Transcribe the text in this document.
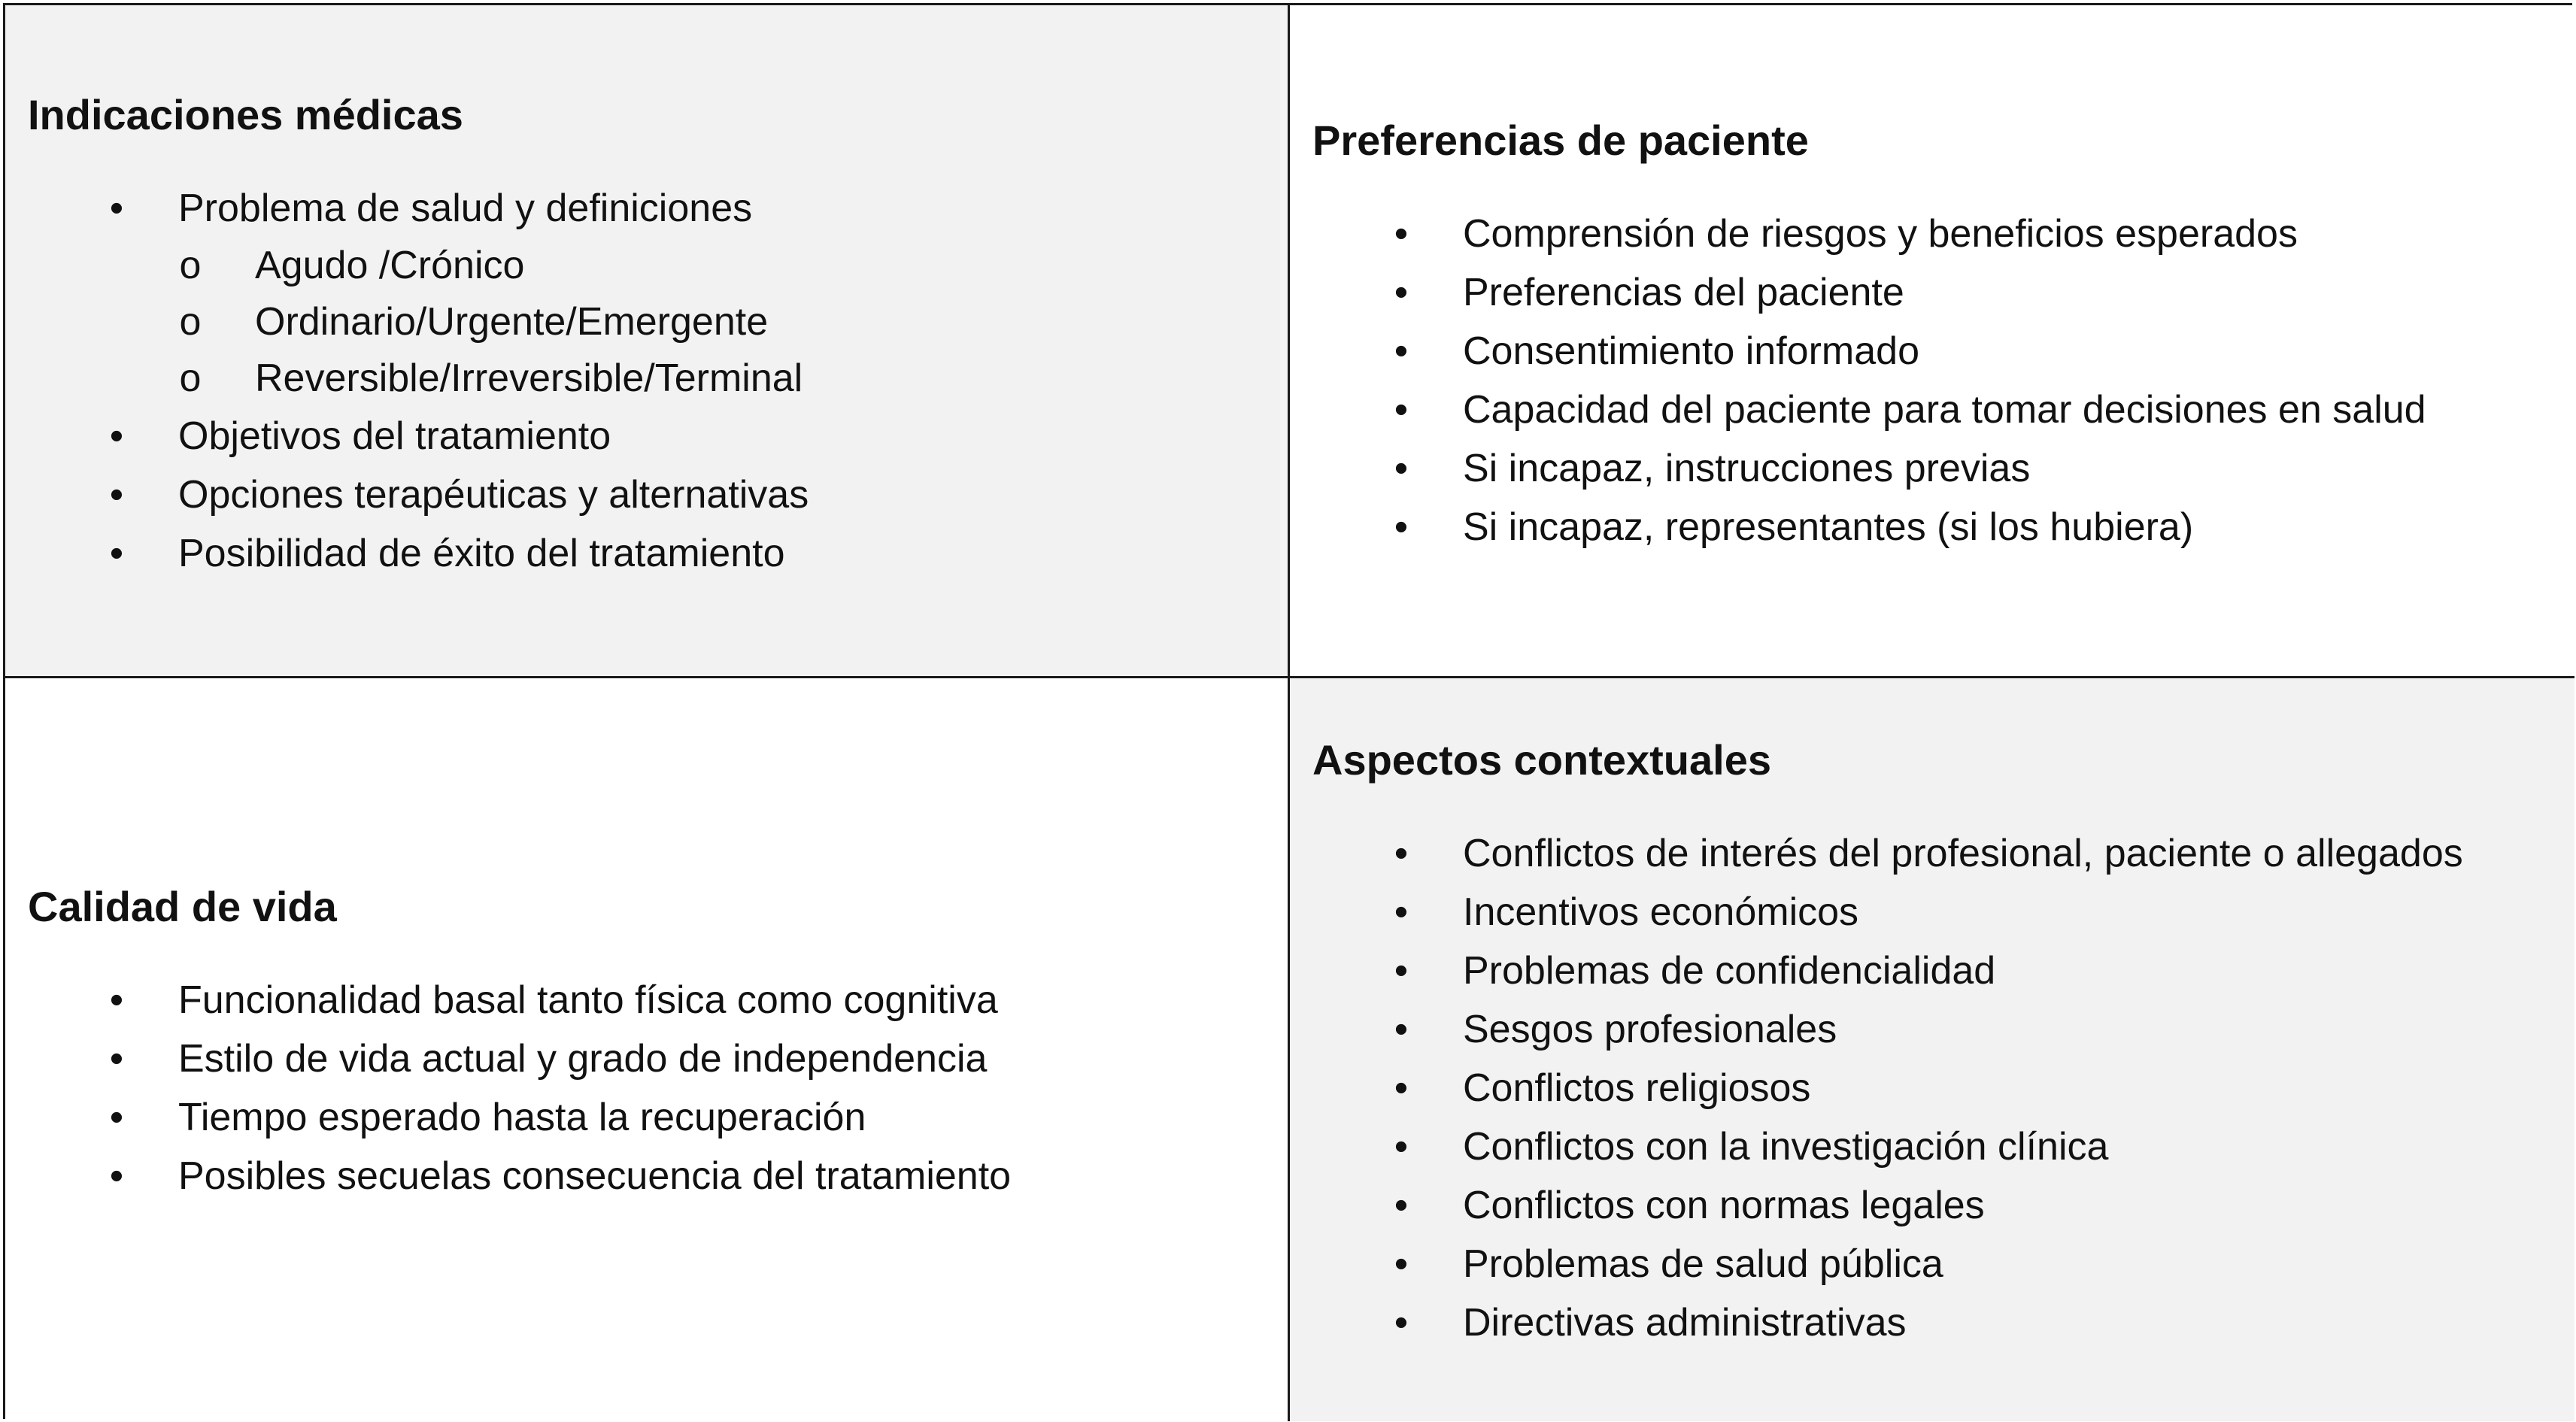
Indicaciones médicas
• Problema de salud y definiciones
o Agudo /Crónico
o Ordinario/Urgente/Emergente
o Reversible/Irreversible/Terminal
• Objetivos del tratamiento
• Opciones terapéuticas y alternativas
• Posibilidad de éxito del tratamiento
Preferencias de paciente
• Comprensión de riesgos y beneficios esperados
• Preferencias del paciente
• Consentimiento informado
• Capacidad del paciente para tomar decisiones en salud
• Si incapaz, instrucciones previas
• Si incapaz, representantes (si los hubiera)
Calidad de vida
• Funcionalidad basal tanto física como cognitiva
• Estilo de vida actual y grado de independencia
• Tiempo esperado hasta la recuperación
• Posibles secuelas consecuencia del tratamiento
Aspectos contextuales
• Conflictos de interés del profesional, paciente o allegados
• Incentivos económicos
• Problemas de confidencialidad
• Sesgos profesionales
• Conflictos religiosos
• Conflictos con la investigación clínica
• Conflictos con normas legales
• Problemas de salud pública
• Directivas administrativas
